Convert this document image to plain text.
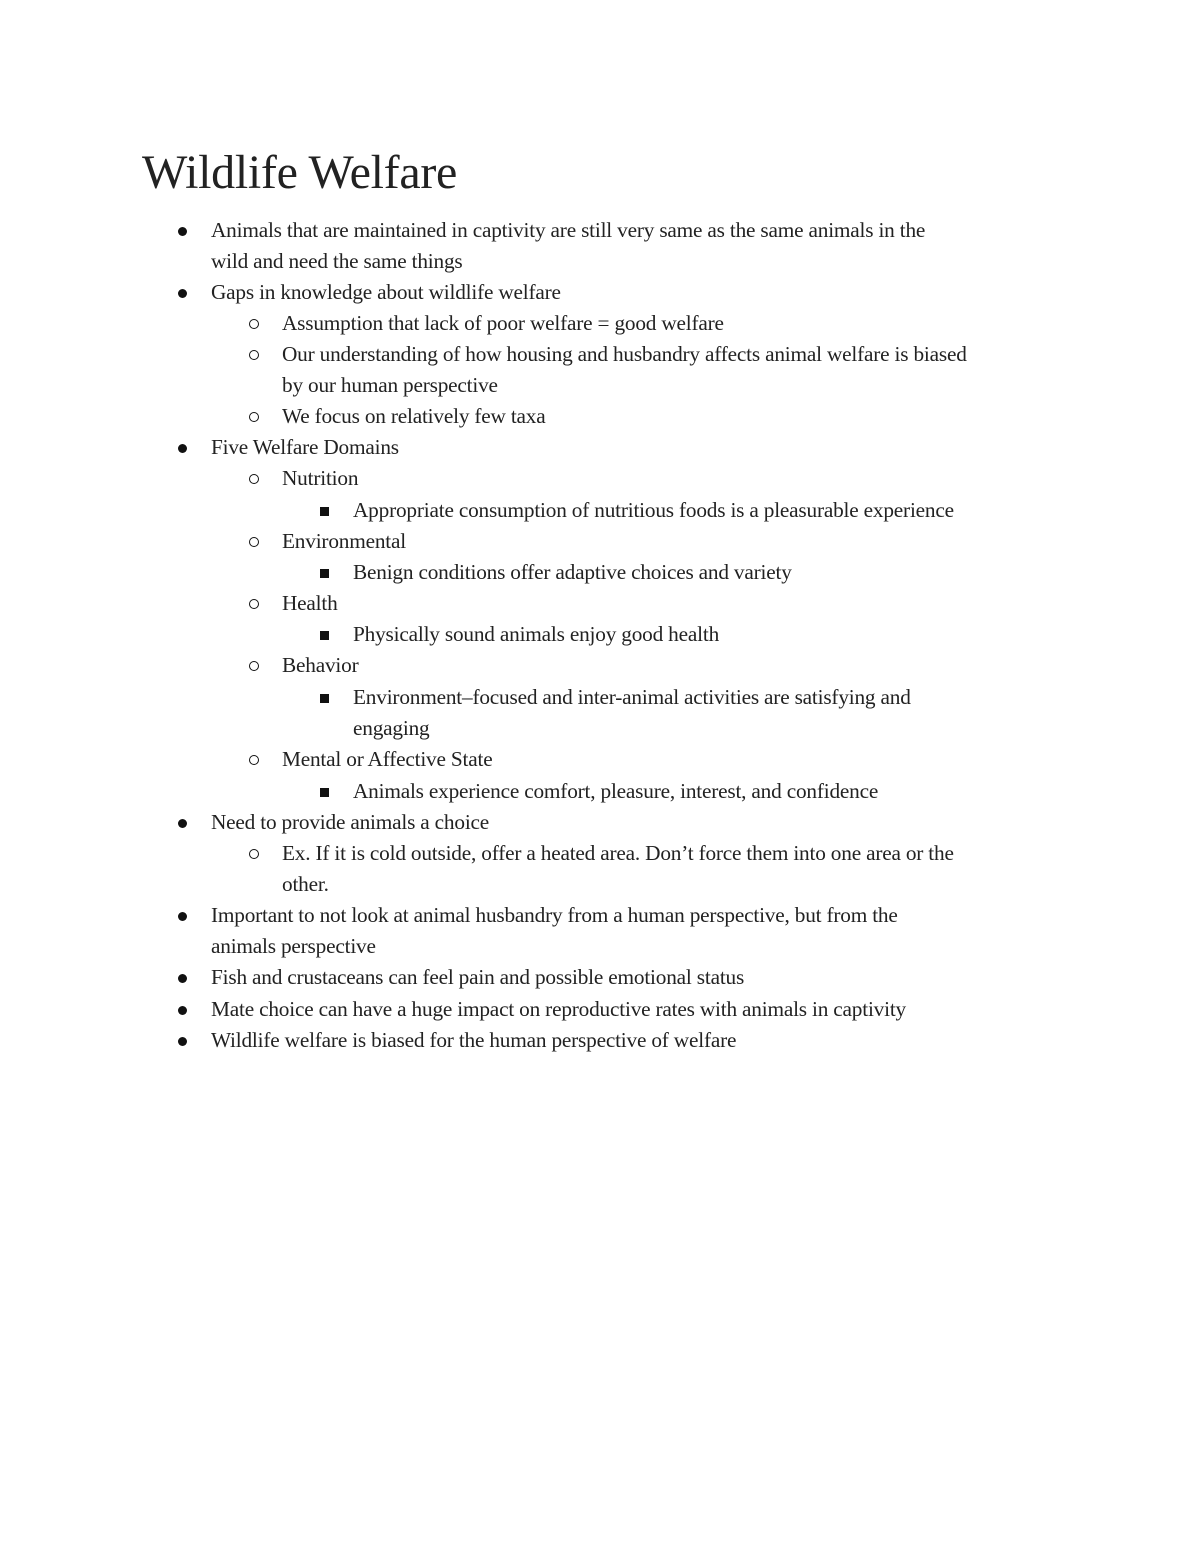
Wildlife Welfare
Animals that are maintained in captivity are still very same as the same animals in the
wild and need the same things
Gaps in knowledge about wildlife welfare
Assumption that lack of poor welfare = good welfare
Our understanding of how housing and husbandry affects animal welfare is biased
by our human perspective
We focus on relatively few taxa
Five Welfare Domains
Nutrition
Appropriate consumption of nutritious foods is a pleasurable experience
Environmental
Benign conditions offer adaptive choices and variety
Health
Physically sound animals enjoy good health
Behavior
Environment–focused and inter-animal activities are satisfying and
engaging
Mental or Affective State
Animals experience comfort, pleasure, interest, and confidence
Need to provide animals a choice
Ex. If it is cold outside, offer a heated area. Don’t force them into one area or the
other.
Important to not look at animal husbandry from a human perspective, but from the
animals perspective
Fish and crustaceans can feel pain and possible emotional status
Mate choice can have a huge impact on reproductive rates with animals in captivity
Wildlife welfare is biased for the human perspective of welfare
